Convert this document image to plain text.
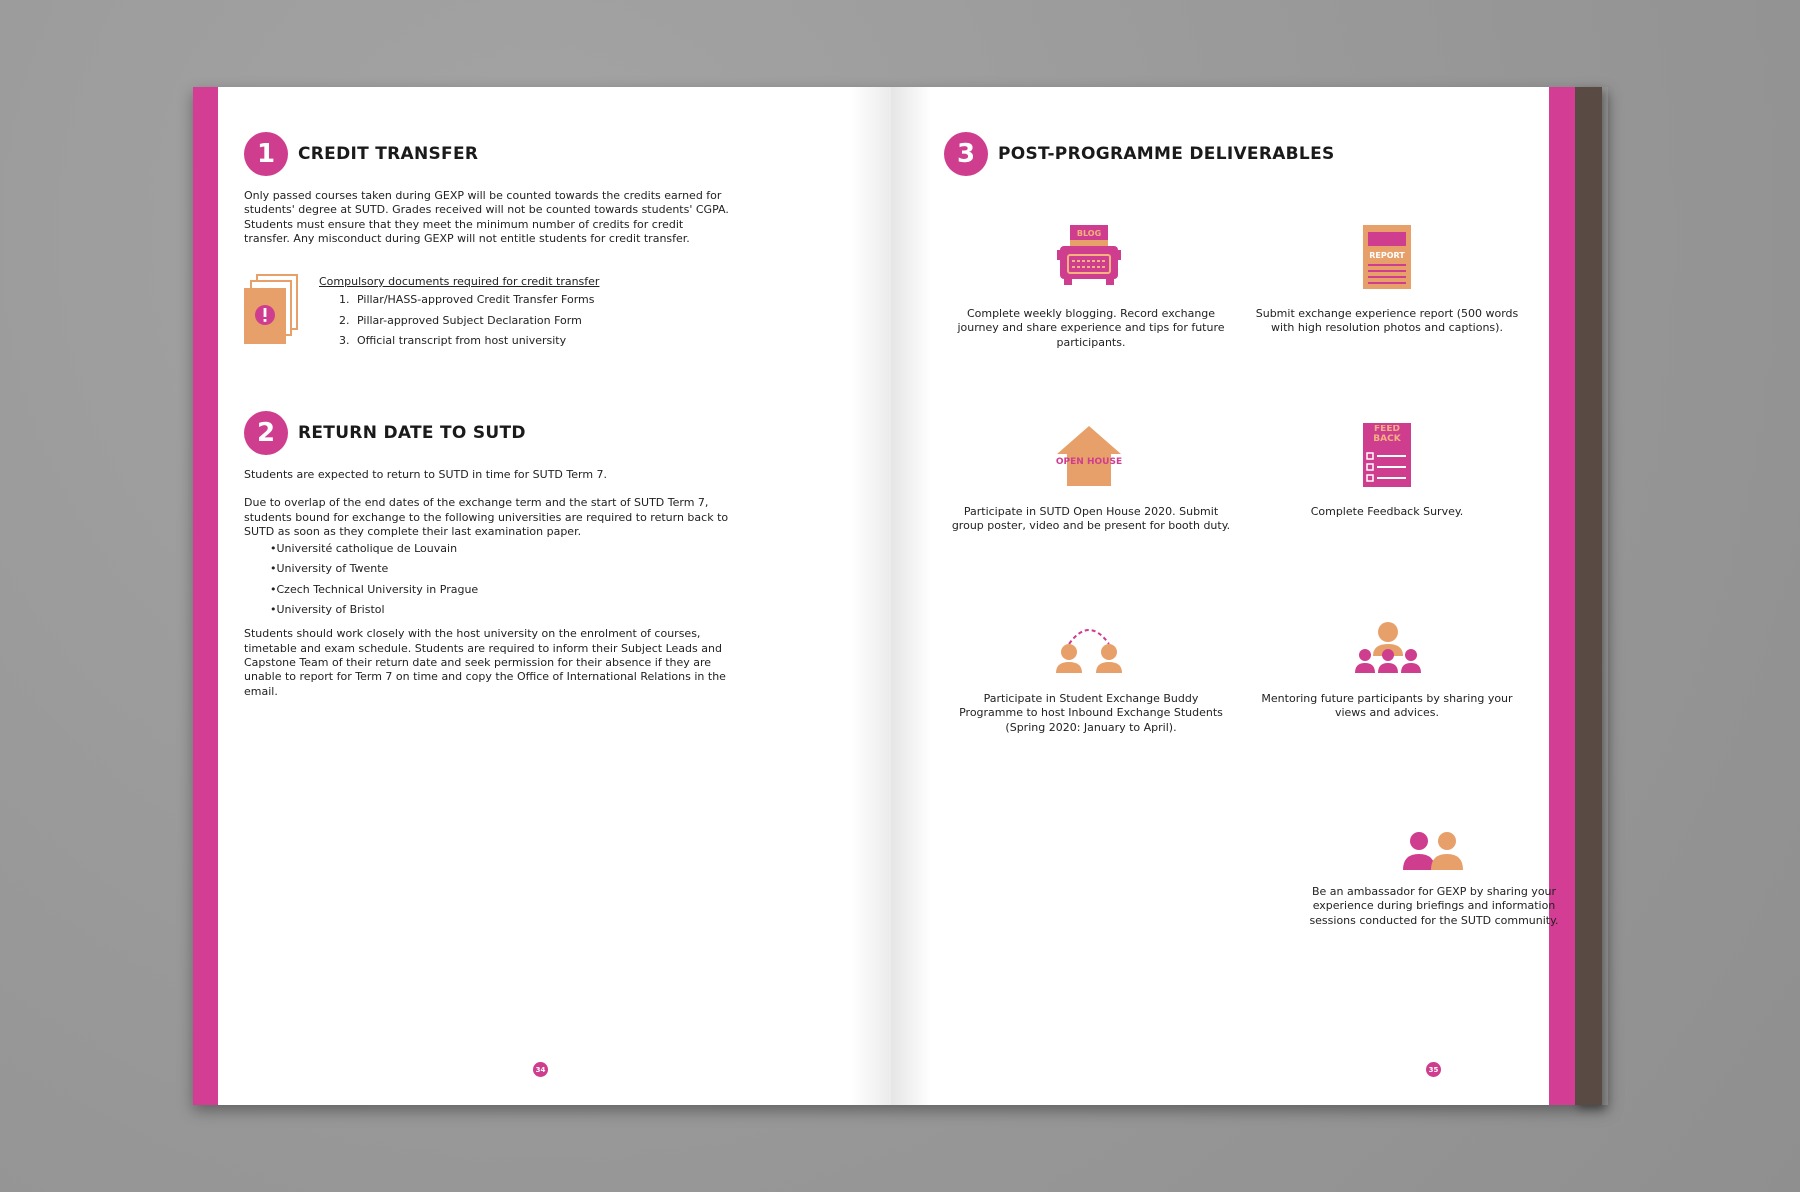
1	CREDIT TRANSFER

Only passed courses taken during GEXP will be counted towards the credits earned for students' degree at SUTD. Grades received will not be counted towards students' CGPA. Students must ensure that they meet the minimum number of credits for credit transfer. Any misconduct during GEXP will not entitle students for credit transfer.

Compulsory documents required for credit transfer

1. Pillar/HASS-approved Credit Transfer Forms
2. Pillar-approved Subject Declaration Form
3. Official transcript from host university
2	RETURN DATE TO SUTD

Students are expected to return to SUTD in time for SUTD Term 7.

Due to overlap of the end dates of the exchange term and the start of SUTD Term 7, students bound for exchange to the following universities are required to return back to SUTD as soon as they complete their last examination paper.

• Université catholique de Louvain
• University of Twente
• Czech Technical University in Prague
• University of Bristol

Students should work closely with the host university on the enrolment of courses, timetable and exam schedule. Students are required to inform their Subject Leads and Capstone Team of their return date and seek permission for their absence if they are unable to report for Term 7 on time and copy the Office of International Relations in the email.

34
3	POST-PROGRAMME DELIVERABLES
BLOG
Complete weekly blogging. Record exchange journey and share experience and tips for future participants.
REPORT
Submit exchange experience report (500 words with high resolution photos and captions).
OPEN HOUSE
Participate in SUTD Open House 2020. Submit group poster, video and be present for booth duty.
FEED BACK
Complete Feedback Survey.
Participate in Student Exchange Buddy Programme to host Inbound Exchange Students (Spring 2020: January to April).
Mentoring future participants by sharing your views and advices.
Be an ambassador for GEXP by sharing your experience during briefings and information sessions conducted for the SUTD community.
35
